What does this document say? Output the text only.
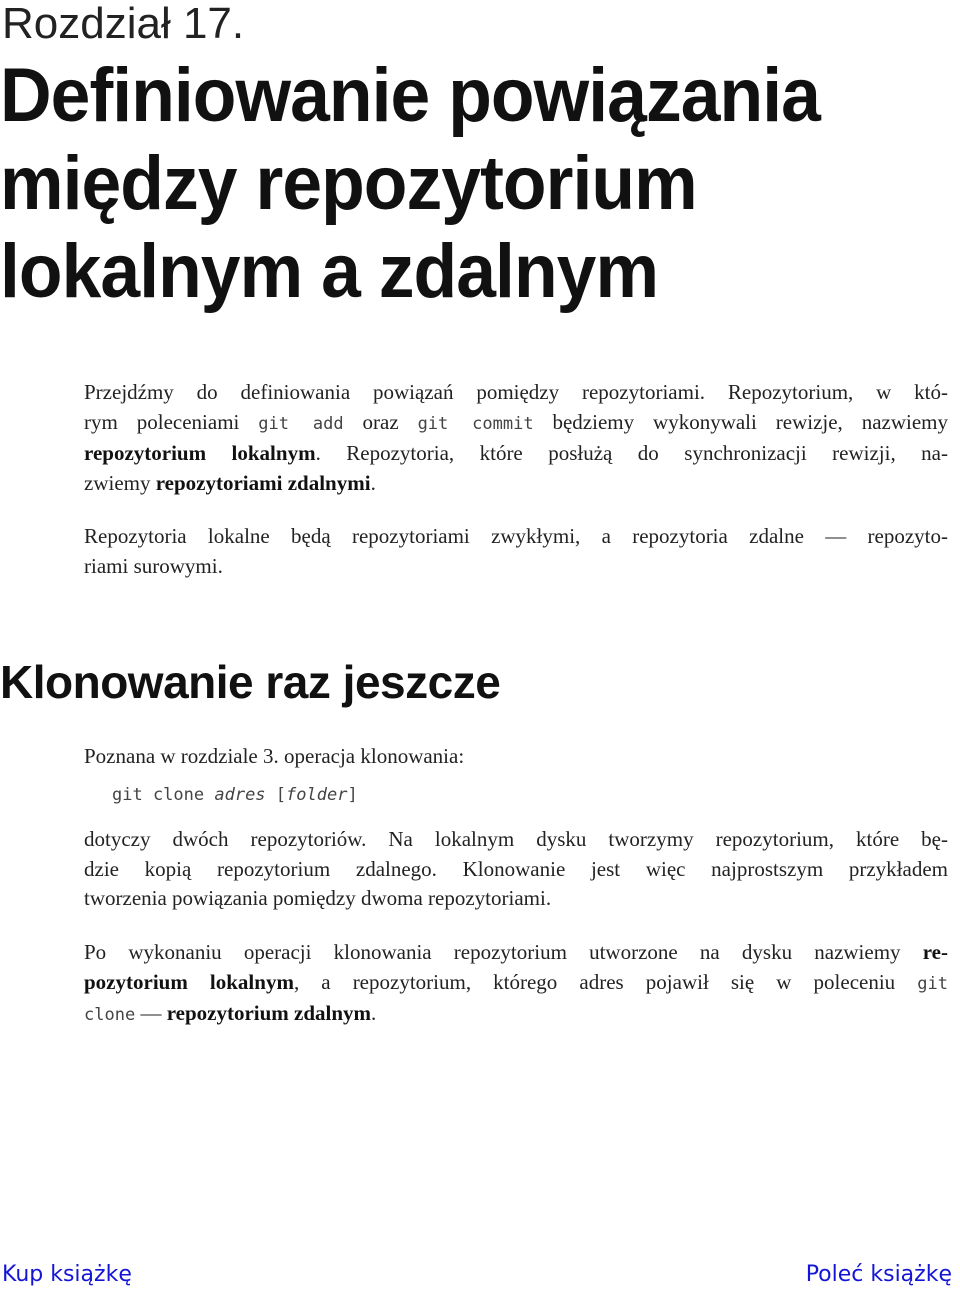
Rozdział 17.
Definiowanie powiązania
między repozytorium
lokalnym a zdalnym

Przejdźmy do definiowania powiązań pomiędzy repozytoriami. Repozytorium, w któ-
rym poleceniami git add oraz git commit będziemy wykonywali rewizje, nazwiemy
repozytorium lokalnym. Repozytoria, które posłużą do synchronizacji rewizji, na-
zwiemy repozytoriami zdalnymi.

Repozytoria lokalne będą repozytoriami zwykłymi, a repozytoria zdalne — repozyto-
riami surowymi.

Klonowanie raz jeszcze

Poznana w rozdziale 3. operacja klonowania:

git clone adres [folder]

dotyczy dwóch repozytoriów. Na lokalnym dysku tworzymy repozytorium, które bę-
dzie kopią repozytorium zdalnego. Klonowanie jest więc najprostszym przykładem
tworzenia powiązania pomiędzy dwoma repozytoriami.

Po wykonaniu operacji klonowania repozytorium utworzone na dysku nazwiemy re-
pozytorium lokalnym, a repozytorium, którego adres pojawił się w poleceniu git
clone — repozytorium zdalnym.

Kup książkę	Poleć książkę
